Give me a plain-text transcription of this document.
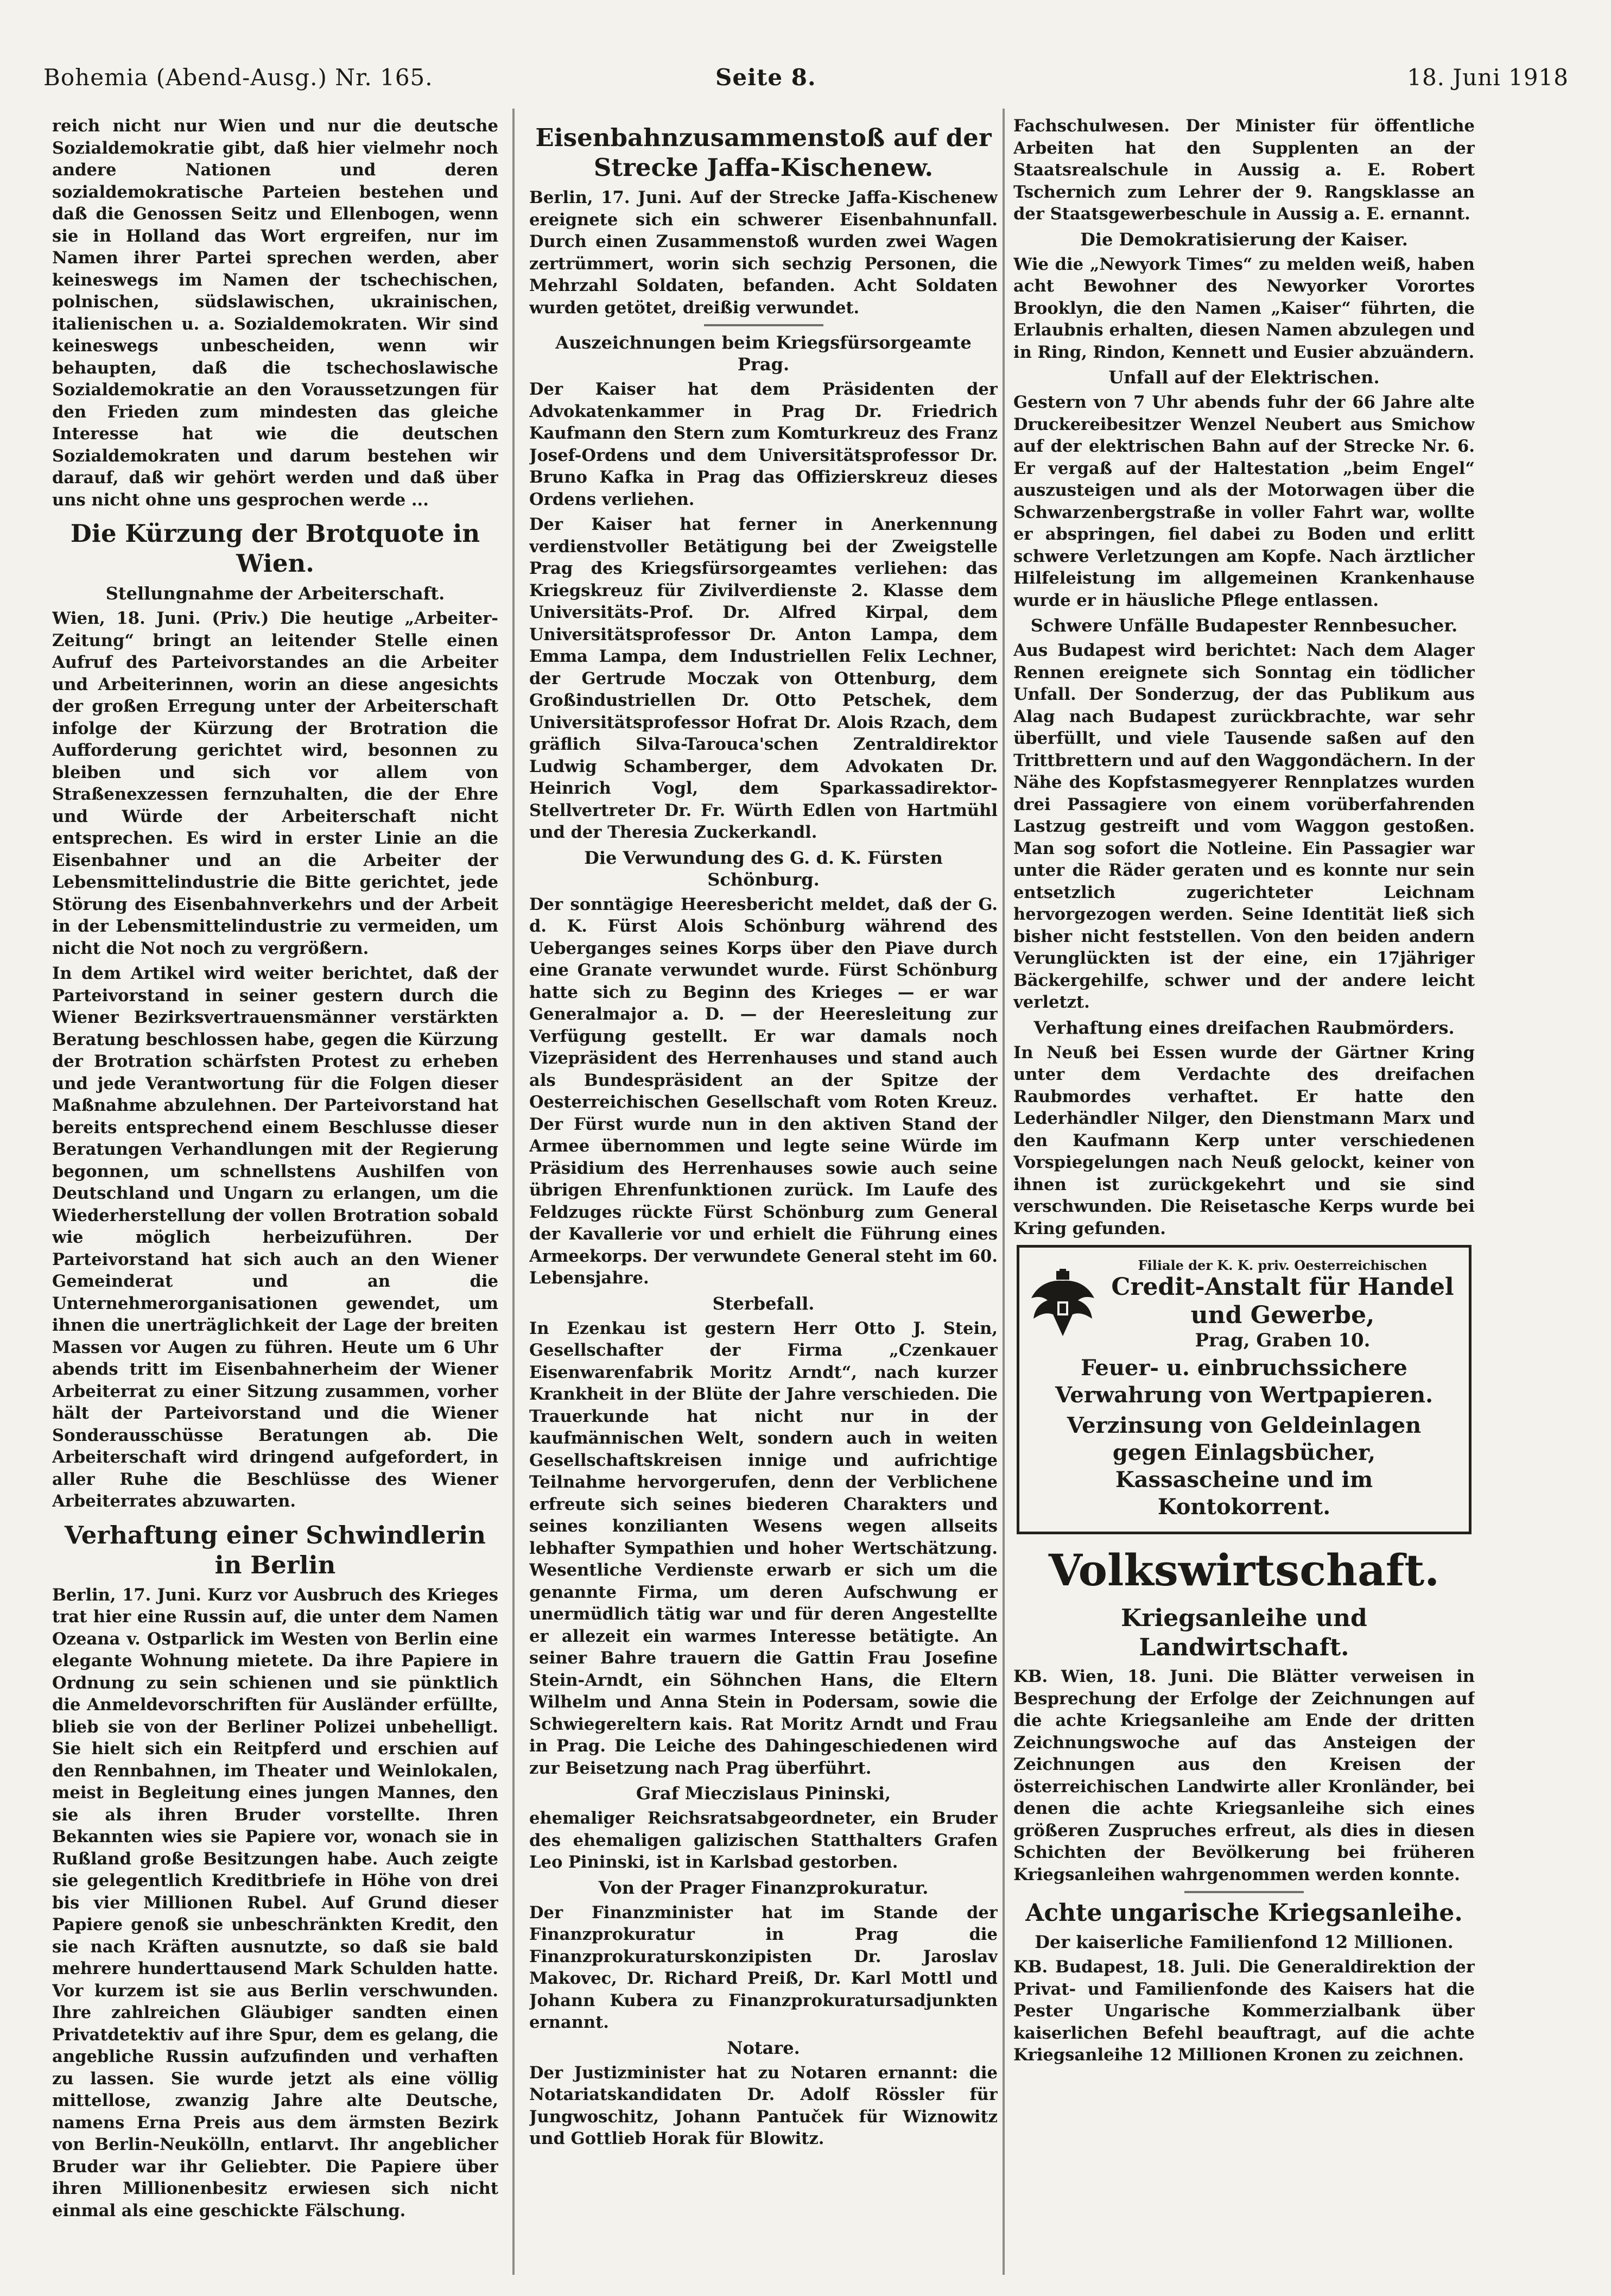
Bohemia (Abend-Ausg.) Nr. 165.	Seite 8.	18. Juni 1918

reich nicht nur Wien und nur die deutsche Sozialdemokratie gibt, daß hier vielmehr noch andere Nationen und deren sozialdemokratische Parteien bestehen und daß die Genossen Seitz und Ellenbogen, wenn sie in Holland das Wort ergreifen, nur im Namen ihrer Partei sprechen werden, aber keineswegs im Namen der tschechischen, polnischen, südslawischen, ukrainischen, italienischen u. a. Sozialdemokraten. Wir sind keineswegs unbescheiden, wenn wir behaupten, daß die tschechoslawische Sozialdemokratie an den Voraussetzungen für den Frieden zum mindesten das gleiche Interesse hat wie die deutschen Sozialdemokraten und darum bestehen wir darauf, daß wir gehört werden und daß über uns nicht ohne uns gesprochen werde ...

Die Kürzung der Brotquote in Wien.
Stellungnahme der Arbeiterschaft.

Wien, 18. Juni. (Priv.) Die heutige „Arbeiter-Zeitung“ bringt an leitender Stelle einen Aufruf des Parteivorstandes an die Arbeiter und Arbeiterinnen, worin an diese angesichts der großen Erregung unter der Arbeiterschaft infolge der Kürzung der Brotration die Aufforderung gerichtet wird, besonnen zu bleiben und sich vor allem von Straßenexzessen fernzuhalten, die der Ehre und Würde der Arbeiterschaft nicht entsprechen. Es wird in erster Linie an die Eisenbahner und an die Arbeiter der Lebensmittelindustrie die Bitte gerichtet, jede Störung des Eisenbahnverkehrs und der Arbeit in der Lebensmittelindustrie zu vermeiden, um nicht die Not noch zu vergrößern.

In dem Artikel wird weiter berichtet, daß der Parteivorstand in seiner gestern durch die Wiener Bezirksvertrauensmänner verstärkten Beratung beschlossen habe, gegen die Kürzung der Brotration schärfsten Protest zu erheben und jede Verantwortung für die Folgen dieser Maßnahme abzulehnen. Der Parteivorstand hat bereits entsprechend einem Beschlusse dieser Beratungen Verhandlungen mit der Regierung begonnen, um schnellstens Aushilfen von Deutschland und Ungarn zu erlangen, um die Wiederherstellung der vollen Brotration sobald wie möglich herbeizuführen. Der Parteivorstand hat sich auch an den Wiener Gemeinderat und an die Unternehmerorganisationen gewendet, um ihnen die unerträglichkeit der Lage der breiten Massen vor Augen zu führen. Heute um 6 Uhr abends tritt im Eisenbahnerheim der Wiener Arbeiterrat zu einer Sitzung zusammen, vorher hält der Parteivorstand und die Wiener Sonderausschüsse Beratungen ab. Die Arbeiterschaft wird dringend aufgefordert, in aller Ruhe die Beschlüsse des Wiener Arbeiterrates abzuwarten.

Verhaftung einer Schwindlerin in Berlin

Berlin, 17. Juni. Kurz vor Ausbruch des Krieges trat hier eine Russin auf, die unter dem Namen Ozeana v. Ostparlick im Westen von Berlin eine elegante Wohnung mietete. Da ihre Papiere in Ordnung zu sein schienen und sie pünktlich die Anmeldevorschriften für Ausländer erfüllte, blieb sie von der Berliner Polizei unbehelligt. Sie hielt sich ein Reitpferd und erschien auf den Rennbahnen, im Theater und Weinlokalen, meist in Begleitung eines jungen Mannes, den sie als ihren Bruder vorstellte. Ihren Bekannten wies sie Papiere vor, wonach sie in Rußland große Besitzungen habe. Auch zeigte sie gelegentlich Kreditbriefe in Höhe von drei bis vier Millionen Rubel. Auf Grund dieser Papiere genoß sie unbeschränkten Kredit, den sie nach Kräften ausnutzte, so daß sie bald mehrere hunderttausend Mark Schulden hatte. Vor kurzem ist sie aus Berlin verschwunden. Ihre zahlreichen Gläubiger sandten einen Privatdetektiv auf ihre Spur, dem es gelang, die angebliche Russin aufzufinden und verhaften zu lassen. Sie wurde jetzt als eine völlig mittellose, zwanzig Jahre alte Deutsche, namens Erna Preis aus dem ärmsten Bezirk von Berlin-Neukölln, entlarvt. Ihr angeblicher Bruder war ihr Geliebter. Die Papiere über ihren Millionenbesitz erwiesen sich nicht einmal als eine geschickte Fälschung.

Eisenbahnzusammenstoß auf der Strecke Jaffa-Kischenew.

Berlin, 17. Juni. Auf der Strecke Jaffa-Kischenew ereignete sich ein schwerer Eisenbahnunfall. Durch einen Zusammenstoß wurden zwei Wagen zertrümmert, worin sich sechzig Personen, die Mehrzahl Soldaten, befanden. Acht Soldaten wurden getötet, dreißig verwundet.

Auszeichnungen beim Kriegsfürsorgeamte Prag.

Der Kaiser hat dem Präsidenten der Advokatenkammer in Prag Dr. Friedrich Kaufmann den Stern zum Komturkreuz des Franz Josef-Ordens und dem Universitätsprofessor Dr. Bruno Kafka in Prag das Offizierskreuz dieses Ordens verliehen.

Der Kaiser hat ferner in Anerkennung verdienstvoller Betätigung bei der Zweigstelle Prag des Kriegsfürsorgeamtes verliehen: das Kriegskreuz für Zivilverdienste 2. Klasse dem Universitäts-Prof. Dr. Alfred Kirpal, dem Universitätsprofessor Dr. Anton Lampa, dem Emma Lampa, dem Industriellen Felix Lechner, der Gertrude Moczak von Ottenburg, dem Großindustriellen Dr. Otto Petschek, dem Universitätsprofessor Hofrat Dr. Alois Rzach, dem gräflich Silva-Tarouca'schen Zentraldirektor Ludwig Schamberger, dem Advokaten Dr. Heinrich Vogl, dem Sparkassadirektor-Stellvertreter Dr. Fr. Würth Edlen von Hartmühl und der Theresia Zuckerkandl.

Die Verwundung des G. d. K. Fürsten Schönburg.

Der sonntägige Heeresbericht meldet, daß der G. d. K. Fürst Alois Schönburg während des Ueberganges seines Korps über den Piave durch eine Granate verwundet wurde. Fürst Schönburg hatte sich zu Beginn des Krieges — er war Generalmajor a. D. — der Heeresleitung zur Verfügung gestellt. Er war damals noch Vizepräsident des Herrenhauses und stand auch als Bundespräsident an der Spitze der Oesterreichischen Gesellschaft vom Roten Kreuz. Der Fürst wurde nun in den aktiven Stand der Armee übernommen und legte seine Würde im Präsidium des Herrenhauses sowie auch seine übrigen Ehrenfunktionen zurück. Im Laufe des Feldzuges rückte Fürst Schönburg zum General der Kavallerie vor und erhielt die Führung eines Armeekorps. Der verwundete General steht im 60. Lebensjahre.

Sterbefall.

In Ezenkau ist gestern Herr Otto J. Stein, Gesellschafter der Firma „Czenkauer Eisenwarenfabrik Moritz Arndt“, nach kurzer Krankheit in der Blüte der Jahre verschieden. Die Trauerkunde hat nicht nur in der kaufmännischen Welt, sondern auch in weiten Gesellschaftskreisen innige und aufrichtige Teilnahme hervorgerufen, denn der Verblichene erfreute sich seines biederen Charakters und seines konzilianten Wesens wegen allseits lebhafter Sympathien und hoher Wertschätzung. Wesentliche Verdienste erwarb er sich um die genannte Firma, um deren Aufschwung er unermüdlich tätig war und für deren Angestellte er allezeit ein warmes Interesse betätigte. An seiner Bahre trauern die Gattin Frau Josefine Stein-Arndt, ein Söhnchen Hans, die Eltern Wilhelm und Anna Stein in Podersam, sowie die Schwiegereltern kais. Rat Moritz Arndt und Frau in Prag. Die Leiche des Dahingeschiedenen wird zur Beisetzung nach Prag überführt.

Graf Mieczislaus Pininski,

ehemaliger Reichsratsabgeordneter, ein Bruder des ehemaligen galizischen Statthalters Grafen Leo Pininski, ist in Karlsbad gestorben.

Von der Prager Finanzprokuratur.

Der Finanzminister hat im Stande der Finanzprokuratur in Prag die Finanzprokuraturskonzipisten Dr. Jaroslav Makovec, Dr. Richard Preiß, Dr. Karl Mottl und Johann Kubera zu Finanzprokuratursadjunkten ernannt.

Notare.

Der Justizminister hat zu Notaren ernannt: die Notariatskandidaten Dr. Adolf Rössler für Jungwoschitz, Johann Pantuček für Wiznowitz und Gottlieb Horak für Blowitz.

Fachschulwesen. Der Minister für öffentliche Arbeiten hat den Supplenten an der Staatsrealschule in Aussig a. E. Robert Tschernich zum Lehrer der 9. Rangsklasse an der Staatsgewerbeschule in Aussig a. E. ernannt.

Die Demokratisierung der Kaiser.

Wie die „Newyork Times“ zu melden weiß, haben acht Bewohner des Newyorker Vorortes Brooklyn, die den Namen „Kaiser“ führten, die Erlaubnis erhalten, diesen Namen abzulegen und in Ring, Rindon, Kennett und Eusier abzuändern.

Unfall auf der Elektrischen.

Gestern von 7 Uhr abends fuhr der 66 Jahre alte Druckereibesitzer Wenzel Neubert aus Smichow auf der elektrischen Bahn auf der Strecke Nr. 6. Er vergaß auf der Haltestation „beim Engel“ auszusteigen und als der Motorwagen über die Schwarzenbergstraße in voller Fahrt war, wollte er abspringen, fiel dabei zu Boden und erlitt schwere Verletzungen am Kopfe. Nach ärztlicher Hilfeleistung im allgemeinen Krankenhause wurde er in häusliche Pflege entlassen.

Schwere Unfälle Budapester Rennbesucher.

Aus Budapest wird berichtet: Nach dem Alager Rennen ereignete sich Sonntag ein tödlicher Unfall. Der Sonderzug, der das Publikum aus Alag nach Budapest zurückbrachte, war sehr überfüllt, und viele Tausende saßen auf den Trittbrettern und auf den Waggondächern. In der Nähe des Kopfstasmegyerer Rennplatzes wurden drei Passagiere von einem vorüberfahrenden Lastzug gestreift und vom Waggon gestoßen. Man sog sofort die Notleine. Ein Passagier war unter die Räder geraten und es konnte nur sein entsetzlich zugerichteter Leichnam hervorgezogen werden. Seine Identität ließ sich bisher nicht feststellen. Von den beiden andern Verunglückten ist der eine, ein 17jähriger Bäckergehilfe, schwer und der andere leicht verletzt.

Verhaftung eines dreifachen Raubmörders.

In Neuß bei Essen wurde der Gärtner Kring unter dem Verdachte des dreifachen Raubmordes verhaftet. Er hatte den Lederhändler Nilger, den Dienstmann Marx und den Kaufmann Kerp unter verschiedenen Vorspiegelungen nach Neuß gelockt, keiner von ihnen ist zurückgekehrt und sie sind verschwunden. Die Reisetasche Kerps wurde bei Kring gefunden.

Filiale der K. K. priv. Oesterreichischen
Credit-Anstalt für Handel und Gewerbe,
Prag, Graben 10.
Feuer- u. einbruchssichere Verwahrung von Wertpapieren.
Verzinsung von Geldeinlagen gegen Einlagsbücher, Kassascheine und im Kontokorrent.
Volkswirtschaft.
Kriegsanleihe und Landwirtschaft.

KB. Wien, 18. Juni. Die Blätter verweisen in Besprechung der Erfolge der Zeichnungen auf die achte Kriegsanleihe am Ende der dritten Zeichnungswoche auf das Ansteigen der Zeichnungen aus den Kreisen der österreichischen Landwirte aller Kronländer, bei denen die achte Kriegsanleihe sich eines größeren Zuspruches erfreut, als dies in diesen Schichten der Bevölkerung bei früheren Kriegsanleihen wahrgenommen werden konnte.

Achte ungarische Kriegsanleihe.
Der kaiserliche Familienfond 12 Millionen.

KB. Budapest, 18. Juli. Die Generaldirektion der Privat- und Familienfonde des Kaisers hat die Pester Ungarische Kommerzialbank über kaiserlichen Befehl beauftragt, auf die achte Kriegsanleihe 12 Millionen Kronen zu zeichnen.
